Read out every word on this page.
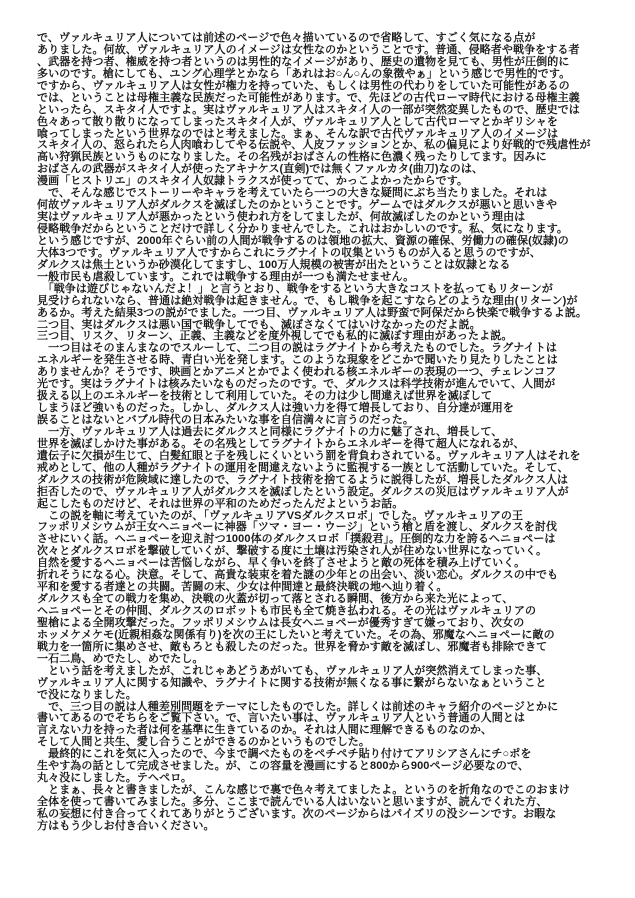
で、ヴァルキュリア人については前述のページで色々描いているので省略して、すごく気になる点が
ありました。何故、ヴァルキュリア人のイメージは女性なのかということです。普通、侵略者や戦争をする者
、武器を持つ者、権威を持つ者というのは男性的なイメージがあり、歴史の遺物を見ても、男性が圧倒的に
多いのです。槍にしても、ユング心理学とかなら「あれはお○ん○んの象徴やぁ」という感じで男性的です。
ですから、ヴァルキュリア人は女性が権力を持っていた、もしくは男性の代わりをしていた可能性があるの
では、ということは母権主義な民族だった可能性があります。で、先ほどの古代ローマ時代における母権主義
といったら、スキタイ人ですよ。実はヴァルキュリア人はスキタイ人の一部が突然変異したもので、歴史では
色々あって散り散りになってしまったスキタイ人が、ヴァルキュリア人として古代ローマとかギリシャを
喰ってしまったという世界なのではと考えました。まぁ、そんな訳で古代ヴァルキュリア人のイメージは
スキタイ人の、怒られたら人肉喰わしてやる伝説や、人皮ファッションとか、私の偏見により好戦的で残虐性が
高い狩猟民族というものになりました。その名残がおばさんの性格に色濃く残ったりしてます。因みに
おばさんの武器がスキタイ人が使ったアキナケス(直剣)では無くファルカタ(曲刀)なのは、
漫画「ヒストリエ」のスキタイ人奴隷トラクスが使ってて、かっこよかったからです。
　で、そんな感じでストーリーやキャラを考えていたら一つの大きな疑問にぶち当たりました。それは
何故ヴァルキュリア人がダルクスを滅ぼしたのかということです。ゲームではダルクスが悪いと思いきや
実はヴァルキュリア人が悪かったという使われ方をしてましたが、何故滅ぼしたのかという理由は
侵略戦争だからということだけで詳しく分かりませんでした。これはおかしいのです。私、気になります。
という感じですが、2000年ぐらい前の人間が戦争するのは領地の拡大、資源の確保、労働力の確保(奴隷)の
大体3つです。ヴァルキュリア人ですからこれにラグナイトの収集というものが入ると思うのですが、
ダルクスは焦土というか砂漠化してますし、100万人規模の被害が出たということは奴隷となる
一般市民も虐殺しています。これでは戦争する理由が一つも満たせません。
　「戦争は遊びじゃないんだよ！」と言うとおり、戦争をするという大きなコストを払ってもリターンが
見受けられないなら、普通は絶対戦争は起きません。で、もし戦争を起こすならどのような理由(リターン)が
あるか。考えた結果3つの説がでました。一つ目、ヴァルキュリア人は野蛮で阿保だから快楽で戦争するよ説。
二つ目、実はダルクスは悪い国で戦争してでも、滅ぼさなくてはいけなかったのだよ説。
三つ目、リスク、リターン、正義、主義などを度外視してでも私的に滅ぼす理由があったよ説。
　一つ目はそのまんまなのでスルーして、二つ目の説はラグナイトから考えたものでした。ラグナイトは
エネルギーを発生させる時、青白い光を発します。このような現象をどこかで聞いたり見たりしたことは
ありませんか？そうです、映画とかアニメとかでよく使われる核エネルギーの表現の一つ、チェレンコフ
光です。実はラグナイトは核みたいなものだったのです。で、ダルクスは科学技術が進んでいて、人間が
扱える以上のエネルギーを技術として利用していた。その力は少し間違えば世界を滅ぼして
しまうほど強いものだった。しかし、ダルクス人は強い力を得て増長しており、自分達が運用を
誤ることはないとバブル時代の日本みたいな事を自信満々に言うのだった。
　一方、ヴァルキュリア人は過去にダルクスと同様にラグナイトの力に魅了され、増長して、
世界を滅ぼしかけた事がある。その名残としてラグナイトからエネルギーを得て超人になれるが、
遺伝子に欠損が生じて、白髪紅眼と子を残しにくいという罰を背負わされている。ヴァルキュリア人はそれを
戒めとして、他の人種がラグナイトの運用を間違えないように監視する一族として活動していた。そして、
ダルクスの技術が危険域に達したので、ラグナイト技術を捨てるように説得したが、増長したダルクス人は
拒否したので、ヴァルキュリア人がダルクスを滅ぼしたという設定。ダルクスの災厄はヴァルキュリア人が
起こしたものだけど、それは世界の平和のためだったんだよというお話。
　この説を軸に考えていたのが、「ヴァルキュリアVSダルクスロボ」でした。ヴァルキュリアの王
フッポリメシウムが王女ヘニョペーに神器「ツマ・ヨー・ウージ」という槍と盾を渡し、ダルクスを討伐
させにいく話。ヘニョペーを迎え討つ1000体のダルクスロボ「撲殺君」。圧倒的な力を誇るヘニョペーは
次々とダルクスロボを撃破していくが、撃破する度に土壌は汚染され人が住めない世界になっていく。
自然を愛するヘニョペーは苦悩しながら、早く争いを終了させようと敵の死体を積み上げていく。
折れそうになる心。決意。そして、高貴な装束を着た謎の少年との出会い、淡い恋心。ダルクスの中でも
平和を愛する者達との共闘。苦闘の末、少女は仲間達と最終決戦の地へ辿り着く。
ダルクスも全ての戦力を集め、決戦の火蓋が切って落とされる瞬間、後方から来た光によって、
ヘニョペーとその仲間、ダルクスのロボットも市民も全て焼き払われる。その光はヴァルキュリアの
聖槍による全開攻撃だった。フッポリメシウムは長女ヘニョペーが優秀すぎて嫌っており、次女の
ホッメケメケモ(近親相姦な関係有り)を次の王にしたいと考えていた。その為、邪魔なヘニョペーに敵の
戦力を一箇所に集めさせ、敵もろとも殺したのだった。世界を脅かす敵を滅ぼし、邪魔者も排除できて
一石二鳥、めでたし、めでたし。
　という話を考えましたが、これじゃあどうあがいても、ヴァルキュリア人が突然消えてしまった事、
ヴァルキュリア人に関する知識や、ラグナイトに関する技術が無くなる事に繋がらないなぁということ
で没になりました。
　で、三つ目の説は人種差別問題をテーマにしたものでした。詳しくは前述のキャラ紹介のページとかに
書いてあるのでそちらをご覧下さい。で、言いたい事は、ヴァルキュリア人という普通の人間とは
言えない力を持った者は何を基準に生きているのか。それは人間に理解できるものなのか、
そして人間と共生、愛し合うことができるのかというものでした。
　最終的にこれを気に入ったので、今まで調べたものをペチペチ貼り付けてアリシアさんにチ○ポを
生やす為の話として完成させました。が、この容量を漫画にすると800から900ページ必要なので、
丸々没にしました。テヘペロ。
　とまぁ、長々と書きましたが、こんな感じで裏で色々考えてましたよ。というのを折角なのでこのおまけ
全体を使って書いてみました。多分、ここまで読んでいる人はいないと思いますが、読んでくれた方、
私の妄想に付き合ってくれてありがとうございます。次のページからはパイズリの没シーンです。お暇な
方はもう少しお付き合いください。
